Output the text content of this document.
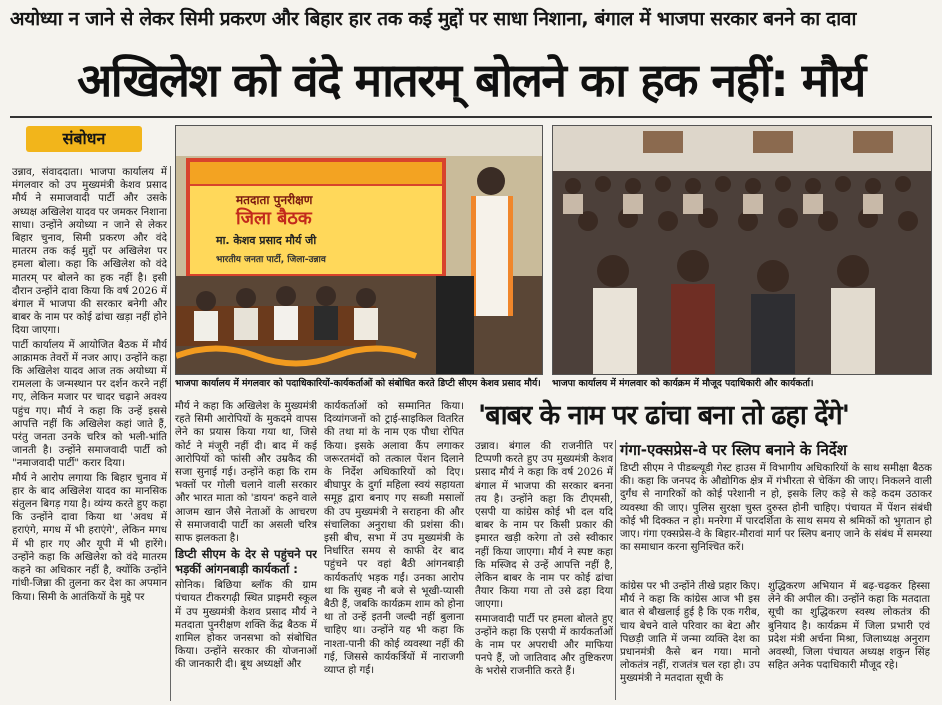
अयोध्या न जाने से लेकर सिमी प्रकरण और बिहार हार तक कई मुद्दों पर साधा निशाना, बंगाल में भाजपा सरकार बनने का दावा
अखिलेश को वंदे मातरम् बोलने का हक नहीं: मौर्य
संबोधन

उन्नाव, संवाददाता। भाजपा कार्यालय में मंगलवार को उप मुख्यमंत्री केशव प्रसाद मौर्य ने समाजवादी पार्टी और उसके अध्यक्ष अखिलेश यादव पर जमकर निशाना साधा। उन्होंने अयोध्या न जाने से लेकर बिहार चुनाव, सिमी प्रकरण और वंदे मातरम तक कई मुद्दों पर अखिलेश पर हमला बोला। कहा कि अखिलेश को वंदे मातरम् पर बोलने का हक नहीं है। इसी दौरान उन्होंने दावा किया कि वर्ष 2026 में बंगाल में भाजपा की सरकार बनेगी और बाबर के नाम पर कोई ढांचा खड़ा नहीं होने दिया जाएगा।

पार्टी कार्यालय में आयोजित बैठक में मौर्य आक्रामक तेवरों में नजर आए। उन्होंने कहा कि अखिलेश यादव आज तक अयोध्या में रामलला के जन्मस्थान पर दर्शन करने नहीं गए, लेकिन मजार पर चादर चढ़ाने अवश्य पहुंच गए। मौर्य ने कहा कि उन्हें इससे आपत्ति नहीं कि अखिलेश कहां जाते हैं, परंतु जनता उनके चरित्र को भली-भांति जानती है। उन्होंने समाजवादी पार्टी को "नमाजवादी पार्टी" करार दिया।

मौर्य ने आरोप लगाया कि बिहार चुनाव में हार के बाद अखिलेश यादव का मानसिक संतुलन बिगड़ गया है। व्यंग्य करते हुए कहा कि उन्होंने दावा किया था 'अवध में हराएंगे, मगध में भी हराएंगे', लेकिन मगध में भी हार गए और यूपी में भी हारेंगे। उन्होंने कहा कि अखिलेश को वंदे मातरम कहने का अधिकार नहीं है, क्योंकि उन्होंने गांधी-जिन्ना की तुलना कर देश का अपमान किया। सिमी के आतंकियों के मुद्दे पर

मतदाता पुनरीक्षण
जिला बैठक
मा. केशव प्रसाद मौर्य जी
भारतीय जनता पार्टी, जिला-उन्नाव
भाजपा कार्यालय में मंगलवार को पदाधिकारियों-कार्यकर्ताओं को संबोधित करते डिप्टी सीएम केशव प्रसाद मौर्य। भाजपा कार्यालय में मंगलवार को कार्यक्रम में मौजूद पदाधिकारी और कार्यकर्ता।

मौर्य ने कहा कि अखिलेश के मुख्यमंत्री रहते सिमी आरोपियों के मुकदमे वापस लेने का प्रयास किया गया था, जिसे कोर्ट ने मंजूरी नहीं दी। बाद में कई आरोपियों को फांसी और उम्रकैद की सजा सुनाई गई। उन्होंने कहा कि राम भक्तों पर गोली चलाने वाली सरकार और भारत माता को 'डायन' कहने वाले आजम खान जैसे नेताओं के आचरण से समाजवादी पार्टी का असली चरित्र साफ झलकता है।

डिप्टी सीएम के देर से पहुंचने पर भड़कीं आंगनबाड़ी कार्यकर्ता :

सोनिक। बिछिया ब्लॉक की ग्राम पंचायत टीकरगढ़ी स्थित प्राइमरी स्कूल में उप मुख्यमंत्री केशव प्रसाद मौर्य ने मतदाता पुनरीक्षण शक्ति केंद्र बैठक में शामिल होकर जनसभा को संबोधित किया। उन्होंने सरकार की योजनाओं की जानकारी दी। बूथ अध्यक्षों और

कार्यकर्ताओं को सम्मानित किया। दिव्यांगजनों को ट्राई-साइकिल वितरित की तथा मां के नाम एक पौधा रोपित किया। इसके अलावा कैंप लगाकर जरूरतमंदों को तत्काल पेंशन दिलाने के निर्देश अधिकारियों को दिए। बीघापुर के दुर्गा महिला स्वयं सहायता समूह द्वारा बनाए गए सब्जी मसालों की उप मुख्यमंत्री ने सराहना की और संचालिका अनुराधा की प्रशंसा की। इसी बीच, सभा में उप मुख्यमंत्री के निर्धारित समय से काफी देर बाद पहुंचने पर वहां बैठी आंगनबाड़ी कार्यकर्ताएं भड़क गईं। उनका आरोप था कि सुबह नौ बजे से भूखी-प्यासी बैठी हैं, जबकि कार्यक्रम शाम को होना था तो उन्हें इतनी जल्दी नहीं बुलाना चाहिए था। उन्होंने यह भी कहा कि नाश्ता-पानी की कोई व्यवस्था नहीं की गई, जिससे कार्यकर्त्रियों में नाराजगी व्याप्त हो गई।

'बाबर के नाम पर ढांचा बना तो ढहा देंगे'

उन्नाव। बंगाल की राजनीति पर टिप्पणी करते हुए उप मुख्यमंत्री केशव प्रसाद मौर्य ने कहा कि वर्ष 2026 में बंगाल में भाजपा की सरकार बनना तय है। उन्होंने कहा कि टीएमसी, एसपी या कांग्रेस कोई भी दल यदि बाबर के नाम पर किसी प्रकार की इमारत खड़ी करेगा तो उसे स्वीकार नहीं किया जाएगा। मौर्य ने स्पष्ट कहा कि मस्जिद से उन्हें आपत्ति नहीं है, लेकिन बाबर के नाम पर कोई ढांचा तैयार किया गया तो उसे ढहा दिया जाएगा।

समाजवादी पार्टी पर हमला बोलते हुए उन्होंने कहा कि एसपी में कार्यकर्ताओं के नाम पर अपराधी और माफिया पनपे हैं, जो जातिवाद और तुष्टिकरण के भरोसे राजनीति करते हैं।

गंगा-एक्सप्रेस-वे पर स्लिप बनाने के निर्देश
डिप्टी सीएम ने पीडब्ल्यूडी गेस्ट हाउस में विभागीय अधिकारियों के साथ समीक्षा बैठक की। कहा कि जनपद के औद्योगिक क्षेत्र में गंभीरता से चेकिंग की जाए। निकलने वाली दुर्गंध से नागरिकों को कोई परेशानी न हो, इसके लिए कड़े से कड़े कदम उठाकर व्यवस्था की जाए। पुलिस सुरक्षा चुस्त दुरुस्त होनी चाहिए। पंचायत में पेंशन संबंधी कोई भी दिक्कत न हो। मनरेगा में पारदर्शिता के साथ समय से श्रमिकों को भुगतान हो जाए। गंगा एक्सप्रेस-वे के बिहार-मौरावां मार्ग पर स्लिप बनाए जाने के संबंध में समस्या का समाधान करना सुनिश्चित करें।
कांग्रेस पर भी उन्होंने तीखे प्रहार किए। मौर्य ने कहा कि कांग्रेस आज भी इस बात से बौखलाई हुई है कि एक गरीब, चाय बेचने वाले परिवार का बेटा और पिछड़ी जाति में जन्मा व्यक्ति देश का प्रधानमंत्री कैसे बन गया। मानो लोकतंत्र नहीं, राजतंत्र चल रहा हो। उप मुख्यमंत्री ने मतदाता सूची के
शुद्धिकरण अभियान में बढ़-चढ़कर हिस्सा लेने की अपील की। उन्होंने कहा कि मतदाता सूची का शुद्धिकरण स्वस्थ लोकतंत्र की बुनियाद है। कार्यक्रम में जिला प्रभारी एवं प्रदेश मंत्री अर्चना मिश्रा, जिलाध्यक्ष अनुराग अवस्थी, जिला पंचायत अध्यक्ष शकुन सिंह सहित अनेक पदाधिकारी मौजूद रहे।
